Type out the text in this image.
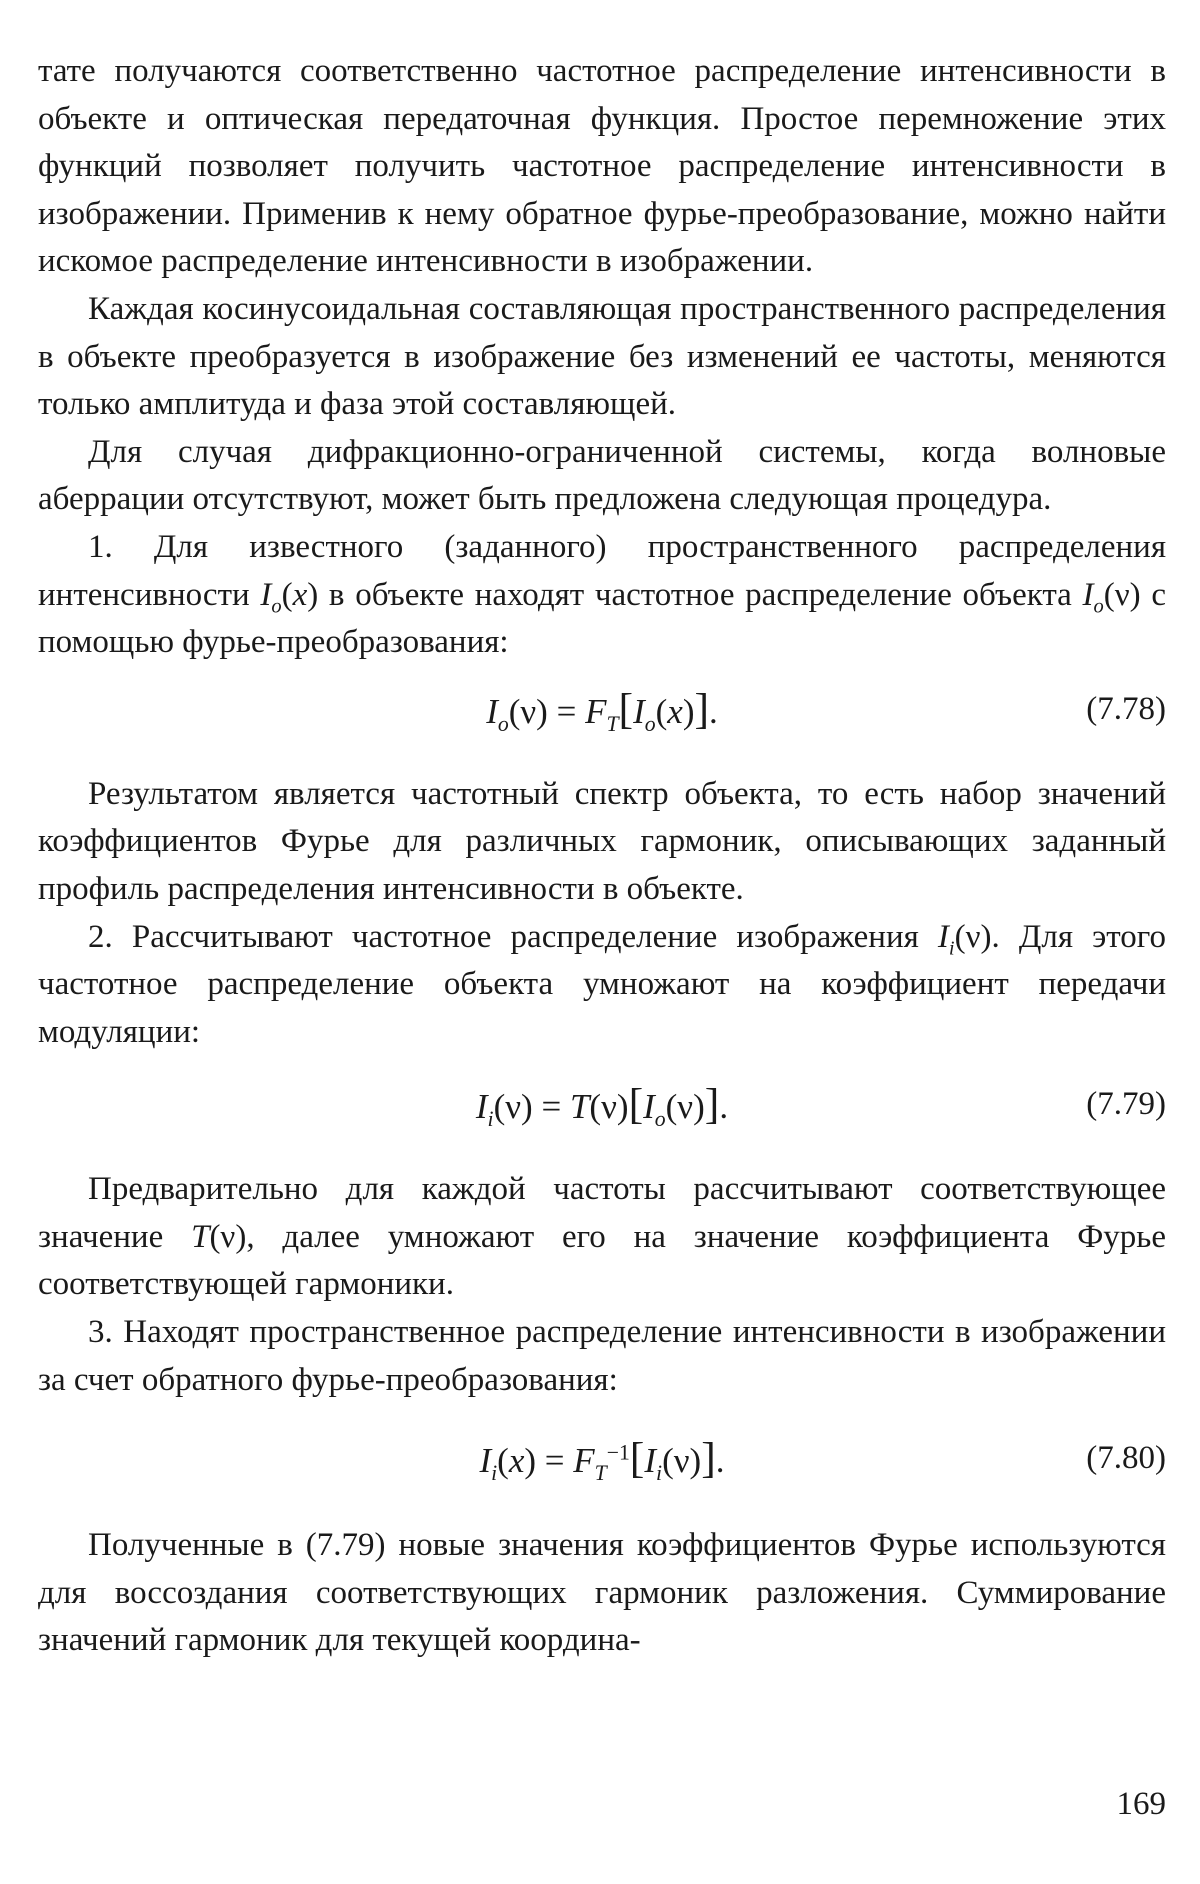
тате получаются соответственно частотное распределение интенсивности в объекте и оптическая передаточная функция. Простое перемножение этих функций позволяет получить частотное распределение интенсивности в изображении. Применив к нему обратное фурье-преобразование, можно найти искомое распределение интенсивности в изображении.

Каждая косинусоидальная составляющая пространственного распределения в объекте преобразуется в изображение без изменений ее частоты, меняются только амплитуда и фаза этой составляющей.

Для случая дифракционно-ограниченной системы, когда волновые аберрации отсутствуют, может быть предложена следующая процедура.

1. Для известного (заданного) пространственного распределения интенсивности $I_o(x)$ в объекте находят частотное распределение объекта $I_o(\nu)$ с помощью фурье-преобразования:

$I_o(\nu) = F_T[I_o(x)]$.	(7.78)

Результатом является частотный спектр объекта, то есть набор значений коэффициентов Фурье для различных гармоник, описывающих заданный профиль распределения интенсивности в объекте.

2. Рассчитывают частотное распределение изображения $I_i(\nu)$. Для этого частотное распределение объекта умножают на коэффициент передачи модуляции:

$I_i(\nu) = T(\nu)[I_o(\nu)]$.	(7.79)

Предварительно для каждой частоты рассчитывают соответствующее значение T(ν), далее умножают его на значение коэффициента Фурье соответствующей гармоники.

3. Находят пространственное распределение интенсивности в изображении за счет обратного фурье-преобразования:

$I_i(x) = F_T^{-1}[I_i(\nu)]$.	(7.80)

Полученные в (7.79) новые значения коэффициентов Фурье используются для воссоздания соответствующих гармоник разложения. Суммирование значений гармоник для текущей координа-

169
